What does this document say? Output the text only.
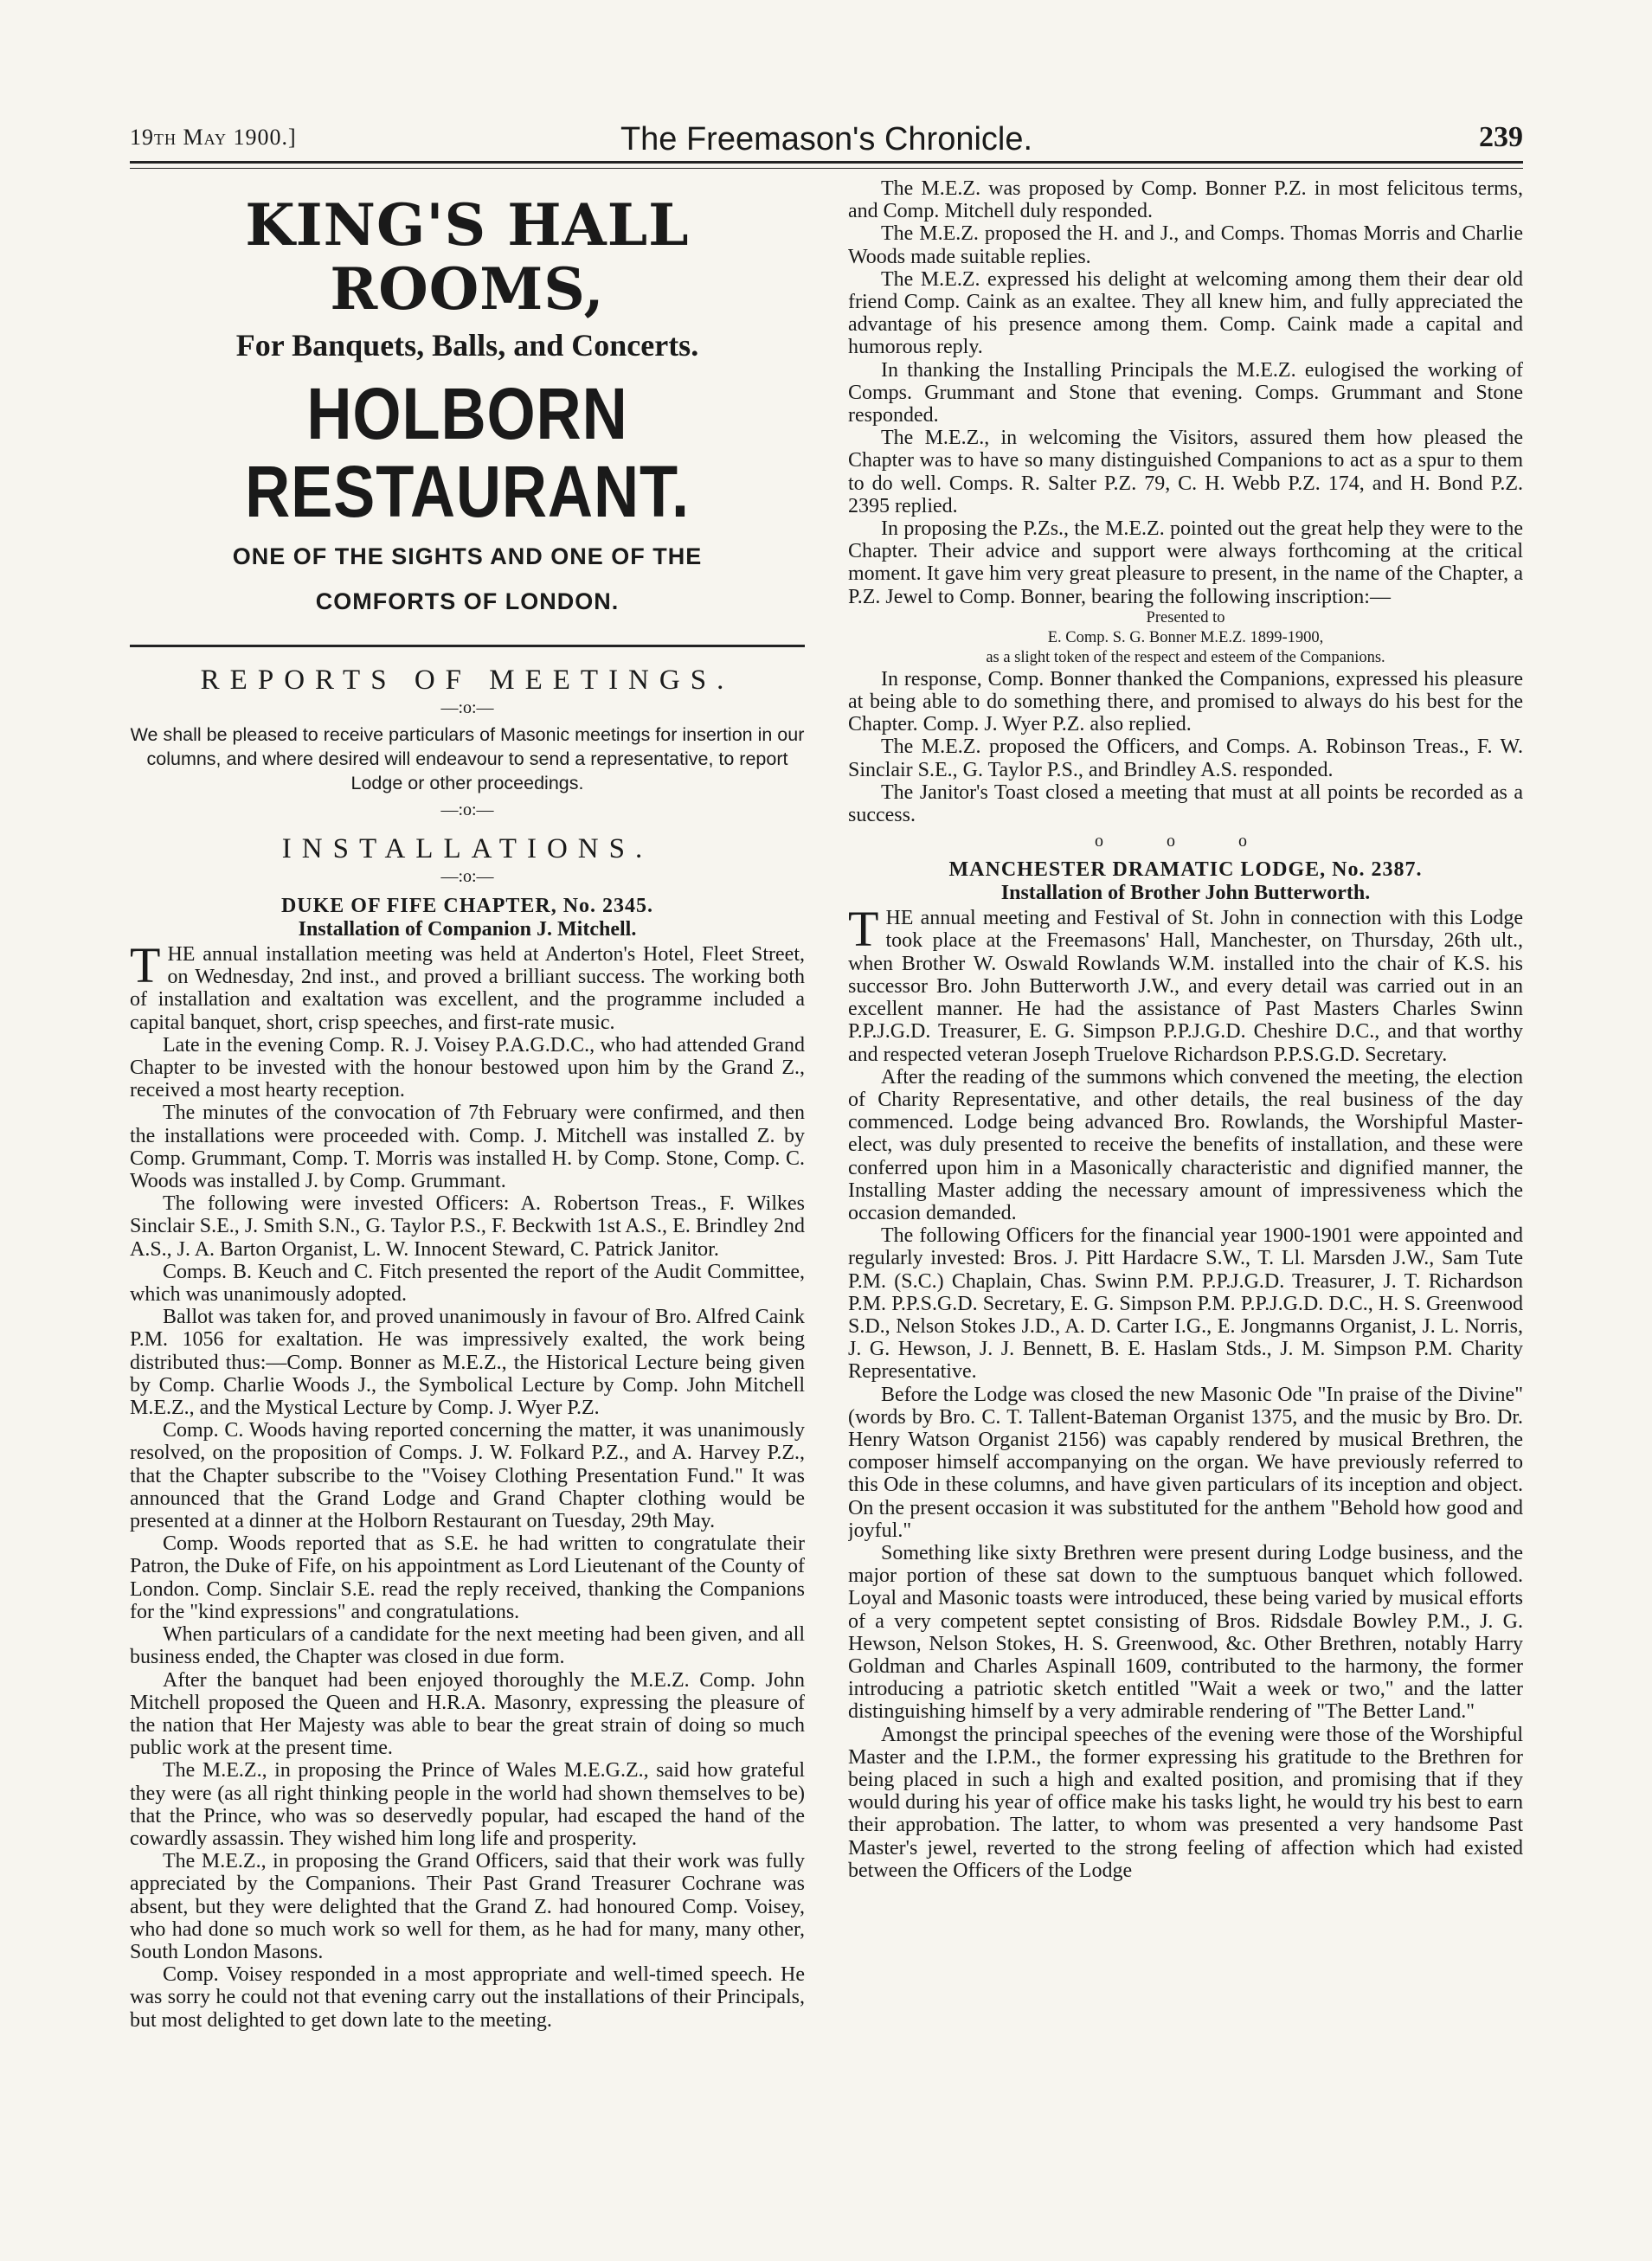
19th May 1900.]	The Freemason's Chronicle.	239
KING'S HALL ROOMS,
For Banquets, Balls, and Concerts.
HOLBORN RESTAURANT.
ONE OF THE SIGHTS AND ONE OF THE
COMFORTS OF LONDON.
REPORTS OF MEETINGS.
—:o:—
We shall be pleased to receive particulars of Masonic meetings for insertion in our columns, and where desired will endeavour to send a representative, to report Lodge or other proceedings.
—:o:—
INSTALLATIONS.
—:o:—
DUKE OF FIFE CHAPTER, No. 2345.
Installation of Companion J. Mitchell.

THE annual installation meeting was held at Anderton's Hotel, Fleet Street, on Wednesday, 2nd inst., and proved a brilliant success. The working both of installation and exaltation was excellent, and the programme included a capital banquet, short, crisp speeches, and first-rate music.

Late in the evening Comp. R. J. Voisey P.A.G.D.C., who had attended Grand Chapter to be invested with the honour bestowed upon him by the Grand Z., received a most hearty reception.

The minutes of the convocation of 7th February were confirmed, and then the installations were proceeded with. Comp. J. Mitchell was installed Z. by Comp. Grummant, Comp. T. Morris was installed H. by Comp. Stone, Comp. C. Woods was installed J. by Comp. Grummant.

The following were invested Officers: A. Robertson Treas., F. Wilkes Sinclair S.E., J. Smith S.N., G. Taylor P.S., F. Beckwith 1st A.S., E. Brindley 2nd A.S., J. A. Barton Organist, L. W. Innocent Steward, C. Patrick Janitor.

Comps. B. Keuch and C. Fitch presented the report of the Audit Committee, which was unanimously adopted.

Ballot was taken for, and proved unanimously in favour of Bro. Alfred Caink P.M. 1056 for exaltation. He was impressively exalted, the work being distributed thus:—Comp. Bonner as M.E.Z., the Historical Lecture being given by Comp. Charlie Woods J., the Symbolical Lecture by Comp. John Mitchell M.E.Z., and the Mystical Lecture by Comp. J. Wyer P.Z.

Comp. C. Woods having reported concerning the matter, it was unanimously resolved, on the proposition of Comps. J. W. Folkard P.Z., and A. Harvey P.Z., that the Chapter subscribe to the "Voisey Clothing Presentation Fund." It was announced that the Grand Lodge and Grand Chapter clothing would be presented at a dinner at the Holborn Restaurant on Tuesday, 29th May.

Comp. Woods reported that as S.E. he had written to congratulate their Patron, the Duke of Fife, on his appointment as Lord Lieutenant of the County of London. Comp. Sinclair S.E. read the reply received, thanking the Companions for the "kind expressions" and congratulations.

When particulars of a candidate for the next meeting had been given, and all business ended, the Chapter was closed in due form.

After the banquet had been enjoyed thoroughly the M.E.Z. Comp. John Mitchell proposed the Queen and H.R.A. Masonry, expressing the pleasure of the nation that Her Majesty was able to bear the great strain of doing so much public work at the present time.

The M.E.Z., in proposing the Prince of Wales M.E.G.Z., said how grateful they were (as all right thinking people in the world had shown themselves to be) that the Prince, who was so deservedly popular, had escaped the hand of the cowardly assassin. They wished him long life and prosperity.

The M.E.Z., in proposing the Grand Officers, said that their work was fully appreciated by the Companions. Their Past Grand Treasurer Cochrane was absent, but they were delighted that the Grand Z. had honoured Comp. Voisey, who had done so much work so well for them, as he had for many, many other, South London Masons.

Comp. Voisey responded in a most appropriate and well-timed speech. He was sorry he could not that evening carry out the installations of their Principals, but most delighted to get down late to the meeting.

The M.E.Z. was proposed by Comp. Bonner P.Z. in most felicitous terms, and Comp. Mitchell duly responded.

The M.E.Z. proposed the H. and J., and Comps. Thomas Morris and Charlie Woods made suitable replies.

The M.E.Z. expressed his delight at welcoming among them their dear old friend Comp. Caink as an exaltee. They all knew him, and fully appreciated the advantage of his presence among them. Comp. Caink made a capital and humorous reply.

In thanking the Installing Principals the M.E.Z. eulogised the working of Comps. Grummant and Stone that evening. Comps. Grummant and Stone responded.

The M.E.Z., in welcoming the Visitors, assured them how pleased the Chapter was to have so many distinguished Companions to act as a spur to them to do well. Comps. R. Salter P.Z. 79, C. H. Webb P.Z. 174, and H. Bond P.Z. 2395 replied.

In proposing the P.Zs., the M.E.Z. pointed out the great help they were to the Chapter. Their advice and support were always forthcoming at the critical moment. It gave him very great pleasure to present, in the name of the Chapter, a P.Z. Jewel to Comp. Bonner, bearing the following inscription:—

Presented to
E. Comp. S. G. Bonner M.E.Z. 1899-1900,
as a slight token of the respect and esteem of the Companions.

In response, Comp. Bonner thanked the Companions, expressed his pleasure at being able to do something there, and promised to always do his best for the Chapter. Comp. J. Wyer P.Z. also replied.

The M.E.Z. proposed the Officers, and Comps. A. Robinson Treas., F. W. Sinclair S.E., G. Taylor P.S., and Brindley A.S. responded.

The Janitor's Toast closed a meeting that must at all points be recorded as a success.

o o o
MANCHESTER DRAMATIC LODGE, No. 2387.
Installation of Brother John Butterworth.

THE annual meeting and Festival of St. John in connection with this Lodge took place at the Freemasons' Hall, Manchester, on Thursday, 26th ult., when Brother W. Oswald Rowlands W.M. installed into the chair of K.S. his successor Bro. John Butterworth J.W., and every detail was carried out in an excellent manner. He had the assistance of Past Masters Charles Swinn P.P.J.G.D. Treasurer, E. G. Simpson P.P.J.G.D. Cheshire D.C., and that worthy and respected veteran Joseph Truelove Richardson P.P.S.G.D. Secretary.

After the reading of the summons which convened the meeting, the election of Charity Representative, and other details, the real business of the day commenced. Lodge being advanced Bro. Rowlands, the Worshipful Master-elect, was duly presented to receive the benefits of installation, and these were conferred upon him in a Masonically characteristic and dignified manner, the Installing Master adding the necessary amount of impressiveness which the occasion demanded.

The following Officers for the financial year 1900-1901 were appointed and regularly invested: Bros. J. Pitt Hardacre S.W., T. Ll. Marsden J.W., Sam Tute P.M. (S.C.) Chaplain, Chas. Swinn P.M. P.P.J.G.D. Treasurer, J. T. Richardson P.M. P.P.S.G.D. Secretary, E. G. Simpson P.M. P.P.J.G.D. D.C., H. S. Greenwood S.D., Nelson Stokes J.D., A. D. Carter I.G., E. Jongmanns Organist, J. L. Norris, J. G. Hewson, J. J. Bennett, B. E. Haslam Stds., J. M. Simpson P.M. Charity Representative.

Before the Lodge was closed the new Masonic Ode "In praise of the Divine" (words by Bro. C. T. Tallent-Bateman Organist 1375, and the music by Bro. Dr. Henry Watson Organist 2156) was capably rendered by musical Brethren, the composer himself accompanying on the organ. We have previously referred to this Ode in these columns, and have given particulars of its inception and object. On the present occasion it was substituted for the anthem "Behold how good and joyful."

Something like sixty Brethren were present during Lodge business, and the major portion of these sat down to the sumptuous banquet which followed. Loyal and Masonic toasts were introduced, these being varied by musical efforts of a very competent septet consisting of Bros. Ridsdale Bowley P.M., J. G. Hewson, Nelson Stokes, H. S. Greenwood, &c. Other Brethren, notably Harry Goldman and Charles Aspinall 1609, contributed to the harmony, the former introducing a patriotic sketch entitled "Wait a week or two," and the latter distinguishing himself by a very admirable rendering of "The Better Land."

Amongst the principal speeches of the evening were those of the Worshipful Master and the I.P.M., the former expressing his gratitude to the Brethren for being placed in such a high and exalted position, and promising that if they would during his year of office make his tasks light, he would try his best to earn their approbation. The latter, to whom was presented a very handsome Past Master's jewel, reverted to the strong feeling of affection which had existed between the Officers of the Lodge
